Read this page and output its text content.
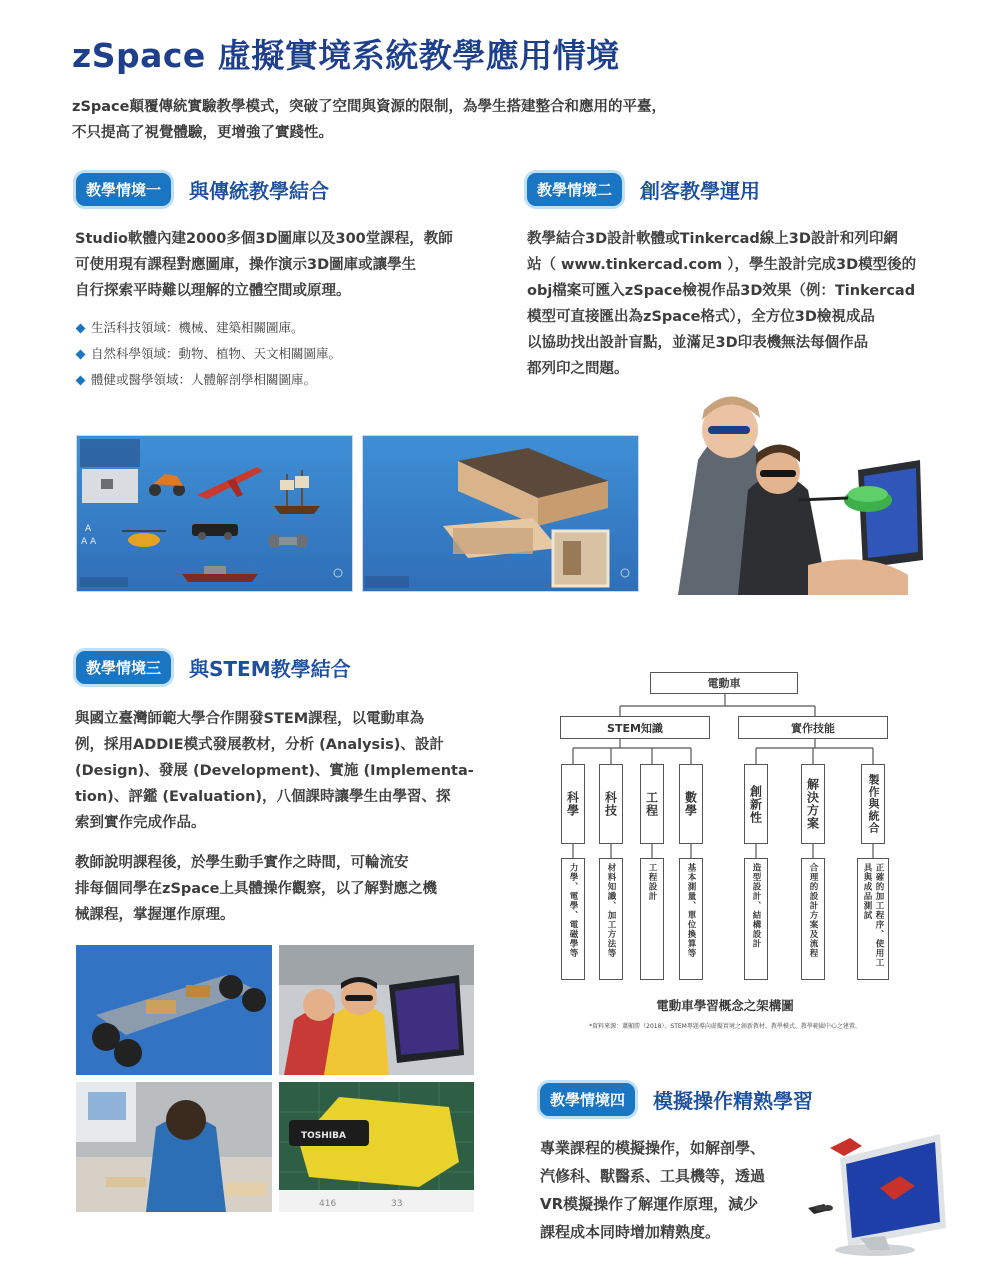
zSpace 虛擬實境系統教學應用情境
zSpace顛覆傳統實驗教學模式，突破了空間與資源的限制，為學生搭建整合和應用的平臺，
不只提高了視覺體驗，更增強了實踐性。
教學情境一	與傳統教學結合
Studio軟體內建2000多個3D圖庫以及300堂課程，教師
可使用現有課程對應圖庫，操作演示3D圖庫或讓學生
自行探索平時難以理解的立體空間或原理。
生活科技領域：機械、建築相關圖庫。
自然科學領域：動物、植物、天文相關圖庫。
體健或醫學領域：人體解剖學相關圖庫。
教學情境二	創客教學運用
教學結合3D設計軟體或Tinkercad線上3D設計和列印網
站（ www.tinkercad.com ），學生設計完成3D模型後的
obj檔案可匯入zSpace檢視作品3D效果（例：Tinkercad
模型可直接匯出為zSpace格式），全方位3D檢視成品
以協助找出設計盲點，並滿足3D印表機無法每個作品
都列印之問題。
A
A A
教學情境三	與STEM教學結合
與國立臺灣師範大學合作開發STEM課程，以電動車為
例，採用ADDIE模式發展教材，分析 (Analysis)、設計
(Design)、發展 (Development)、實施 (Implementa-
tion)、評鑑 (Evaluation)，八個課時讓學生由學習、探
索到實作完成作品。
教師說明課程後，於學生動手實作之時間，可輪流安
排每個同學在zSpace上具體操作觀察，以了解對應之機
械課程，掌握運作原理。
TOSHIBA
416	33
電動車
STEM知識	實作技能
科學 科技 工程 數學	創新性	解決方案	製作與統合
力學、電學、電磁學等	材料知識、加工方法等	工程設計	基本測量、單位換算等	造型設計、結構設計	合理的設計方案及流程	正確的加工程序、使用工具與成品測試
電動車學習概念之架構圖
*資料來源：蕭顯勝（2018）。STEM專題導向虛擬實境之創新教材、教學模式、教學範圍中心之建置。
教學情境四	模擬操作精熟學習
專業課程的模擬操作，如解剖學、
汽修科、獸醫系、工具機等，透過
VR模擬操作了解運作原理，減少
課程成本同時增加精熟度。
